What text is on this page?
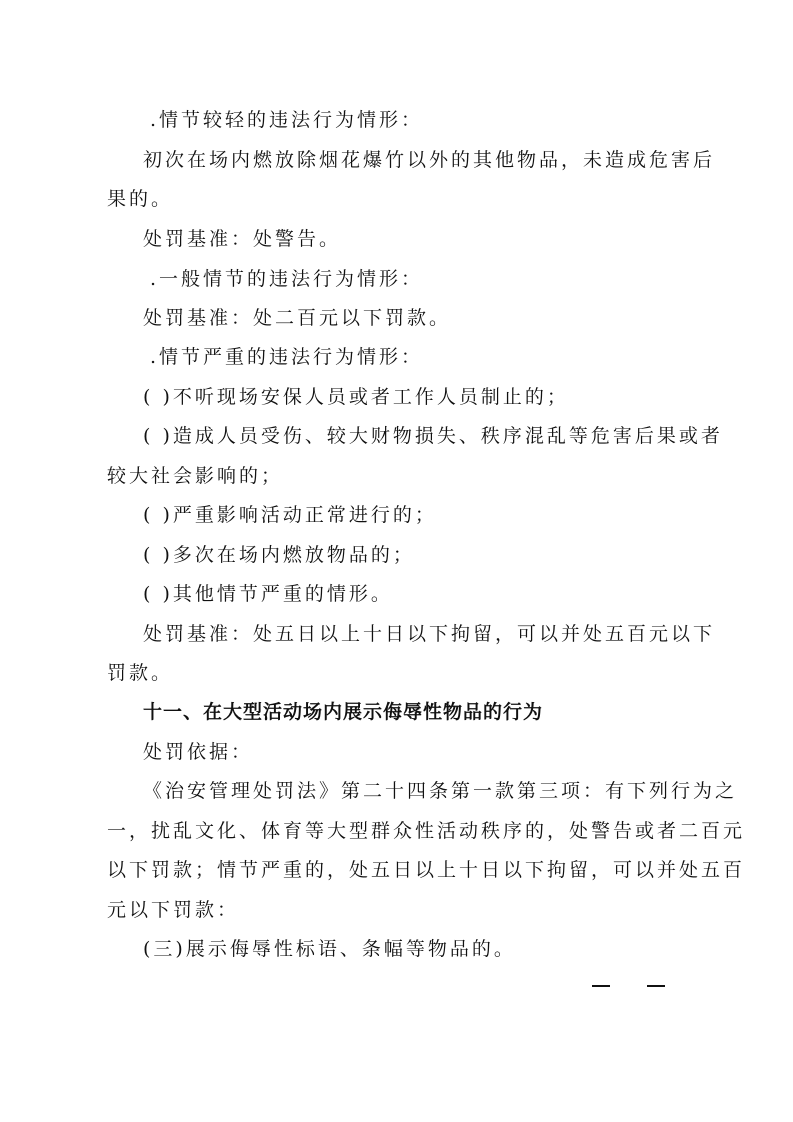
.情节较轻的违法行为情形：
初次在场内燃放除烟花爆竹以外的其他物品，未造成危害后
果的。
处罚基准：处警告。
.一般情节的违法行为情形：
处罚基准：处二百元以下罚款。
.情节严重的违法行为情形：
( )不听现场安保人员或者工作人员制止的；
( )造成人员受伤、较大财物损失、秩序混乱等危害后果或者
较大社会影响的；
( )严重影响活动正常进行的；
( )多次在场内燃放物品的；
( )其他情节严重的情形。
处罚基准：处五日以上十日以下拘留，可以并处五百元以下
罚款。
十一、在大型活动场内展示侮辱性物品的行为
处罚依据：
《治安管理处罚法》第二十四条第一款第三项：有下列行为之
一，扰乱文化、体育等大型群众性活动秩序的，处警告或者二百元
以下罚款；情节严重的，处五日以上十日以下拘留，可以并处五百
元以下罚款：
(三)展示侮辱性标语、条幅等物品的。
